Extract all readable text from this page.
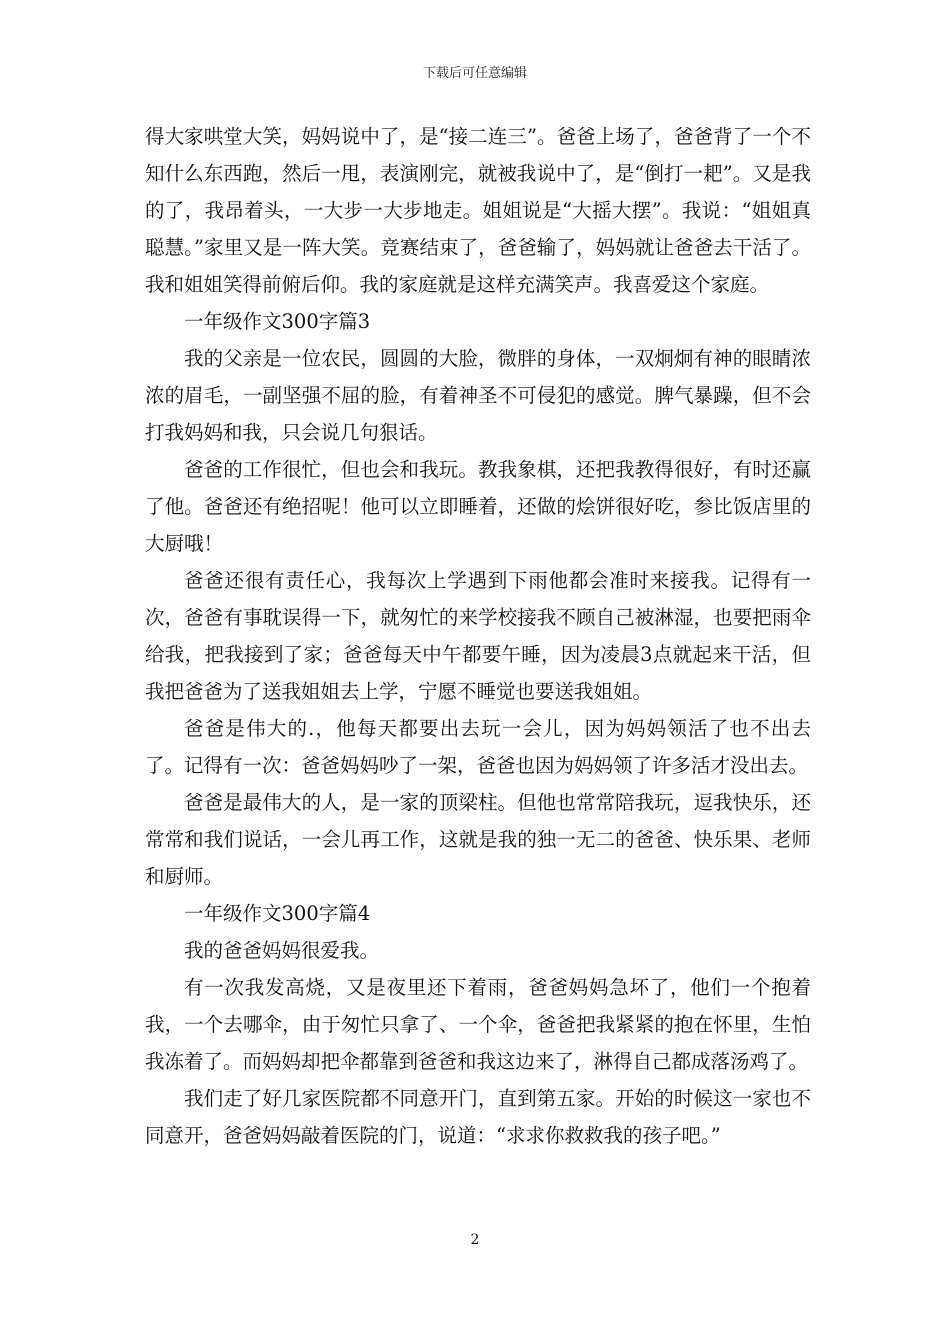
下载后可任意编辑

得大家哄堂大笑，妈妈说中了，是“接二连三”。爸爸上场了，爸爸背了一个不知什么东西跑，然后一甩，表演刚完，就被我说中了，是“倒打一耙”。又是我的了，我昂着头，一大步一大步地走。姐姐说是“大摇大摆”。我说：“姐姐真聪慧。”家里又是一阵大笑。竞赛结束了，爸爸输了，妈妈就让爸爸去干活了。我和姐姐笑得前俯后仰。我的家庭就是这样充满笑声。我喜爱这个家庭。

一年级作文300字篇3

我的父亲是一位农民，圆圆的大脸，微胖的身体，一双炯炯有神的眼睛浓浓的眉毛，一副坚强不屈的脸，有着神圣不可侵犯的感觉。脾气暴躁，但不会打我妈妈和我，只会说几句狠话。

爸爸的工作很忙，但也会和我玩。教我象棋，还把我教得很好，有时还赢了他。爸爸还有绝招呢！他可以立即睡着，还做的烩饼很好吃，参比饭店里的大厨哦！

爸爸还很有责任心，我每次上学遇到下雨他都会准时来接我。记得有一次，爸爸有事耽误得一下，就匆忙的来学校接我不顾自己被淋湿，也要把雨伞给我，把我接到了家；爸爸每天中午都要午睡，因为凌晨3点就起来干活，但我把爸爸为了送我姐姐去上学，宁愿不睡觉也要送我姐姐。

爸爸是伟大的.，他每天都要出去玩一会儿，因为妈妈领活了也不出去了。记得有一次：爸爸妈妈吵了一架，爸爸也因为妈妈领了许多活才没出去。

爸爸是最伟大的人，是一家的顶梁柱。但他也常常陪我玩，逗我快乐，还常常和我们说话，一会儿再工作，这就是我的独一无二的爸爸、快乐果、老师和厨师。

一年级作文300字篇4

我的爸爸妈妈很爱我。

有一次我发高烧，又是夜里还下着雨，爸爸妈妈急坏了，他们一个抱着我，一个去哪伞，由于匆忙只拿了、一个伞，爸爸把我紧紧的抱在怀里，生怕我冻着了。而妈妈却把伞都靠到爸爸和我这边来了，淋得自己都成落汤鸡了。

我们走了好几家医院都不同意开门，直到第五家。开始的时候这一家也不同意开，爸爸妈妈敲着医院的门，说道：“求求你救救我的孩子吧。”

2
